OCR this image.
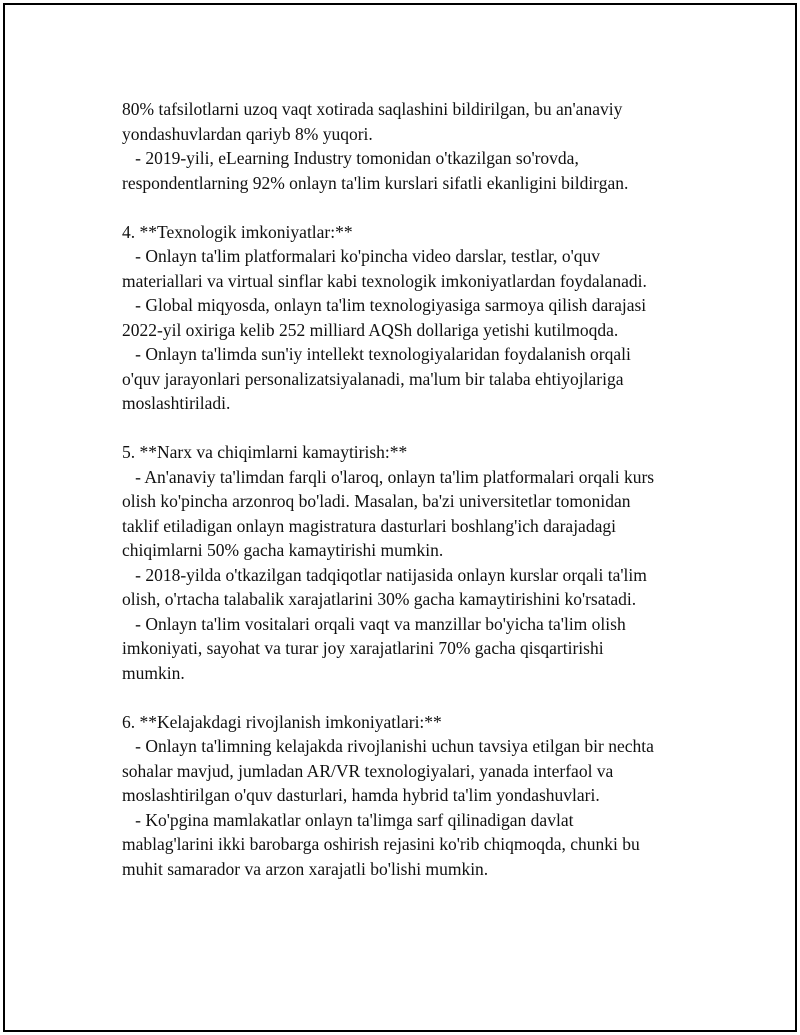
80% tafsilotlarni uzoq vaqt xotirada saqlashini bildirilgan, bu an'anaviy
yondashuvlardan qariyb 8% yuqori.
- 2019-yili, eLearning Industry tomonidan o'tkazilgan so'rovda,
respondentlarning 92% onlayn ta'lim kurslari sifatli ekanligini bildirgan.
4. **Texnologik imkoniyatlar:**
- Onlayn ta'lim platformalari ko'pincha video darslar, testlar, o'quv
materiallari va virtual sinflar kabi texnologik imkoniyatlardan foydalanadi.
- Global miqyosda, onlayn ta'lim texnologiyasiga sarmoya qilish darajasi
2022-yil oxiriga kelib 252 milliard AQSh dollariga yetishi kutilmoqda.
- Onlayn ta'limda sun'iy intellekt texnologiyalaridan foydalanish orqali
o'quv jarayonlari personalizatsiyalanadi, ma'lum bir talaba ehtiyojlariga
moslashtiriladi.
5. **Narx va chiqimlarni kamaytirish:**
- An'anaviy ta'limdan farqli o'laroq, onlayn ta'lim platformalari orqali kurs
olish ko'pincha arzonroq bo'ladi. Masalan, ba'zi universitetlar tomonidan
taklif etiladigan onlayn magistratura dasturlari boshlang'ich darajadagi
chiqimlarni 50% gacha kamaytirishi mumkin.
- 2018-yilda o'tkazilgan tadqiqotlar natijasida onlayn kurslar orqali ta'lim
olish, o'rtacha talabalik xarajatlarini 30% gacha kamaytirishini ko'rsatadi.
- Onlayn ta'lim vositalari orqali vaqt va manzillar bo'yicha ta'lim olish
imkoniyati, sayohat va turar joy xarajatlarini 70% gacha qisqartirishi
mumkin.
6. **Kelajakdagi rivojlanish imkoniyatlari:**
- Onlayn ta'limning kelajakda rivojlanishi uchun tavsiya etilgan bir nechta
sohalar mavjud, jumladan AR/VR texnologiyalari, yanada interfaol va
moslashtirilgan o'quv dasturlari, hamda hybrid ta'lim yondashuvlari.
- Ko'pgina mamlakatlar onlayn ta'limga sarf qilinadigan davlat
mablag'larini ikki barobarga oshirish rejasini ko'rib chiqmoqda, chunki bu
muhit samarador va arzon xarajatli bo'lishi mumkin.
